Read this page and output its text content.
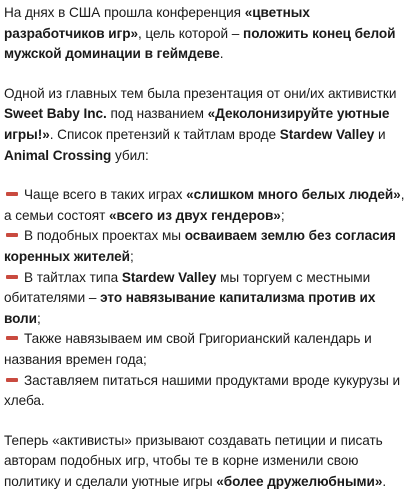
На днях в США прошла конференция «цветных разработчиков игр», цель которой – положить конец белой мужской доминации в геймдеве.

Одной из главных тем была презентация от они/их активистки Sweet Baby Inc. под названием «Деколонизируйте уютные игры!». Список претензий к тайтлам вроде Stardew Valley и Animal Crossing убил:

Чаще всего в таких играх «слишком много белых людей», а семьи состоят «всего из двух гендеров»;

В подобных проектах мы осваиваем землю без согласия коренных жителей;

В тайтлах типа Stardew Valley мы торгуем с местными обитателями – это навязывание капитализма против их воли;

Также навязываем им свой Григорианский календарь и названия времен года;

Заставляем питаться нашими продуктами вроде кукурузы и хлеба.

Теперь «активисты» призывают создавать петиции и писать авторам подобных игр, чтобы те в корне изменили свою политику и сделали уютные игры «более дружелюбными».
